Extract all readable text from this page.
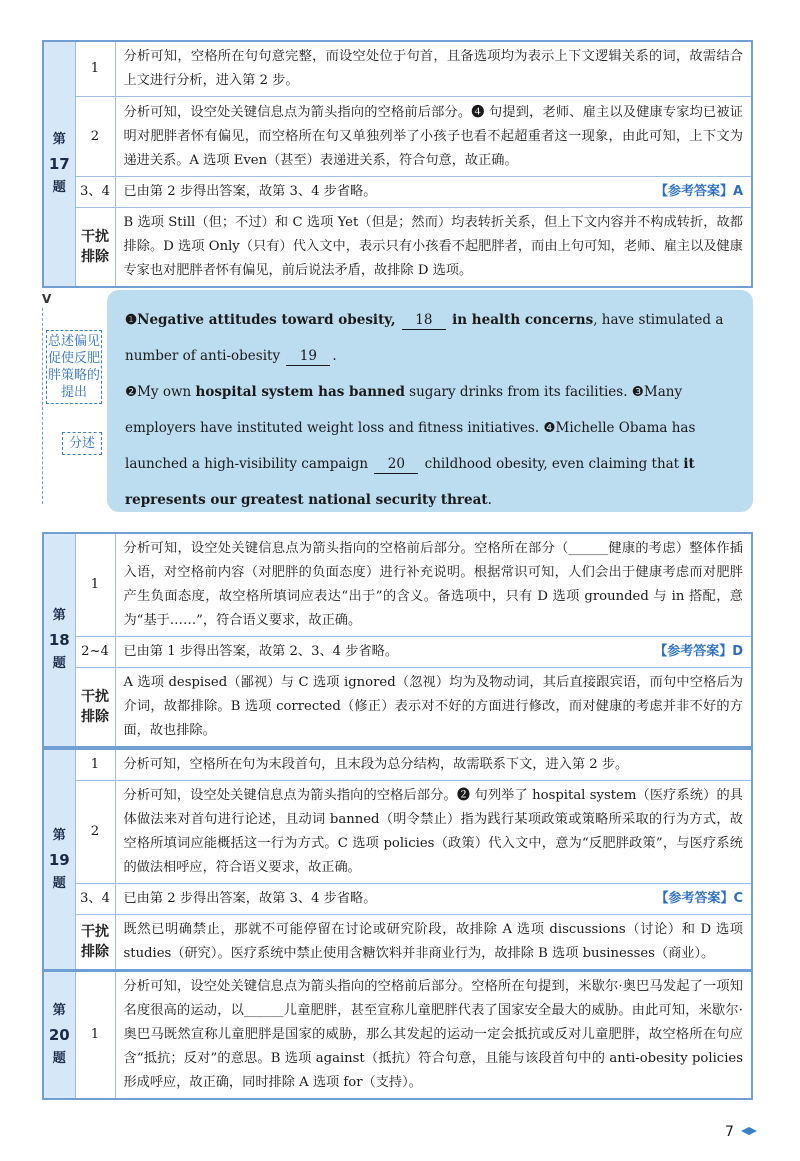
第
17
题	1	分析可知，空格所在句句意完整，而设空处位于句首，且备选项均为表示上下文逻辑关系的词，故需结合上文进行分析，进入第 2 步。
	2	分析可知，设空处关键信息点为箭头指向的空格前后部分。❹ 句提到，老师、雇主以及健康专家均已被证明对肥胖者怀有偏见，而空格所在句又单独列举了小孩子也看不起超重者这一现象，由此可知，上下文为递进关系。A 选项 Even（甚至）表递进关系，符合句意，故正确。
	3、4	已由第 2 步得出答案，故第 3、4 步省略。 【参考答案】A

	干扰排除	B 选项 Still（但；不过）和 C 选项 Yet（但是；然而）均表转折关系，但上下文内容并不构成转折，故都排除。D 选项 Only（只有）代入文中，表示只有小孩看不起肥胖者，而由上句可知，老师、雇主以及健康专家也对肥胖者怀有偏见，前后说法矛盾，故排除 D 选项。
V
总述偏见促使反肥胖策略的提出
分述
❶Negative attitudes toward obesity, 18 in health concerns, have stimulated a number of anti-obesity 19 .
❷My own hospital system has banned sugary drinks from its facilities. ❸Many employers have instituted weight loss and fitness initiatives. ❹Michelle Obama has launched a high-visibility campaign 20 childhood obesity, even claiming that it represents our greatest national security threat.
第
18
题	1	分析可知，设空处关键信息点为箭头指向的空格前后部分。空格所在部分（______健康的考虑）整体作插入语，对空格前内容（对肥胖的负面态度）进行补充说明。根据常识可知，人们会出于健康考虑而对肥胖产生负面态度，故空格所填词应表达“出于”的含义。备选项中，只有 D 选项 grounded 与 in 搭配，意为“基于……”，符合语义要求，故正确。
	2~4	已由第 1 步得出答案，故第 2、3、4 步省略。 【参考答案】D

	干扰排除	A 选项 despised（鄙视）与 C 选项 ignored（忽视）均为及物动词，其后直接跟宾语，而句中空格后为介词，故都排除。B 选项 corrected（修正）表示对不好的方面进行修改，而对健康的考虑并非不好的方面，故也排除。
第
19
题	1	分析可知，空格所在句为末段首句，且末段为总分结构，故需联系下文，进入第 2 步。
	2	分析可知，设空处关键信息点为箭头指向的空格后部分。❷ 句列举了 hospital system（医疗系统）的具体做法来对首句进行论述，且动词 banned（明令禁止）指为践行某项政策或策略所采取的行为方式，故空格所填词应能概括这一行为方式。C 选项 policies（政策）代入文中，意为“反肥胖政策”，与医疗系统的做法相呼应，符合语义要求，故正确。
	3、4	已由第 2 步得出答案，故第 3、4 步省略。 【参考答案】C

	干扰排除	既然已明确禁止，那就不可能停留在讨论或研究阶段，故排除 A 选项 discussions（讨论）和 D 选项 studies（研究）。医疗系统中禁止使用含糖饮料并非商业行为，故排除 B 选项 businesses（商业）。
第
20
题
	1	分析可知，设空处关键信息点为箭头指向的空格前后部分。空格所在句提到，米歇尔·奥巴马发起了一项知名度很高的运动，以______儿童肥胖，甚至宣称儿童肥胖代表了国家安全最大的威胁。由此可知，米歇尔·奥巴马既然宣称儿童肥胖是国家的威胁，那么其发起的运动一定会抵抗或反对儿童肥胖，故空格所在句应含“抵抗；反对”的意思。B 选项 against（抵抗）符合句意，且能与该段首句中的 anti-obesity policies 形成呼应，故正确，同时排除 A 选项 for（支持）。
7
